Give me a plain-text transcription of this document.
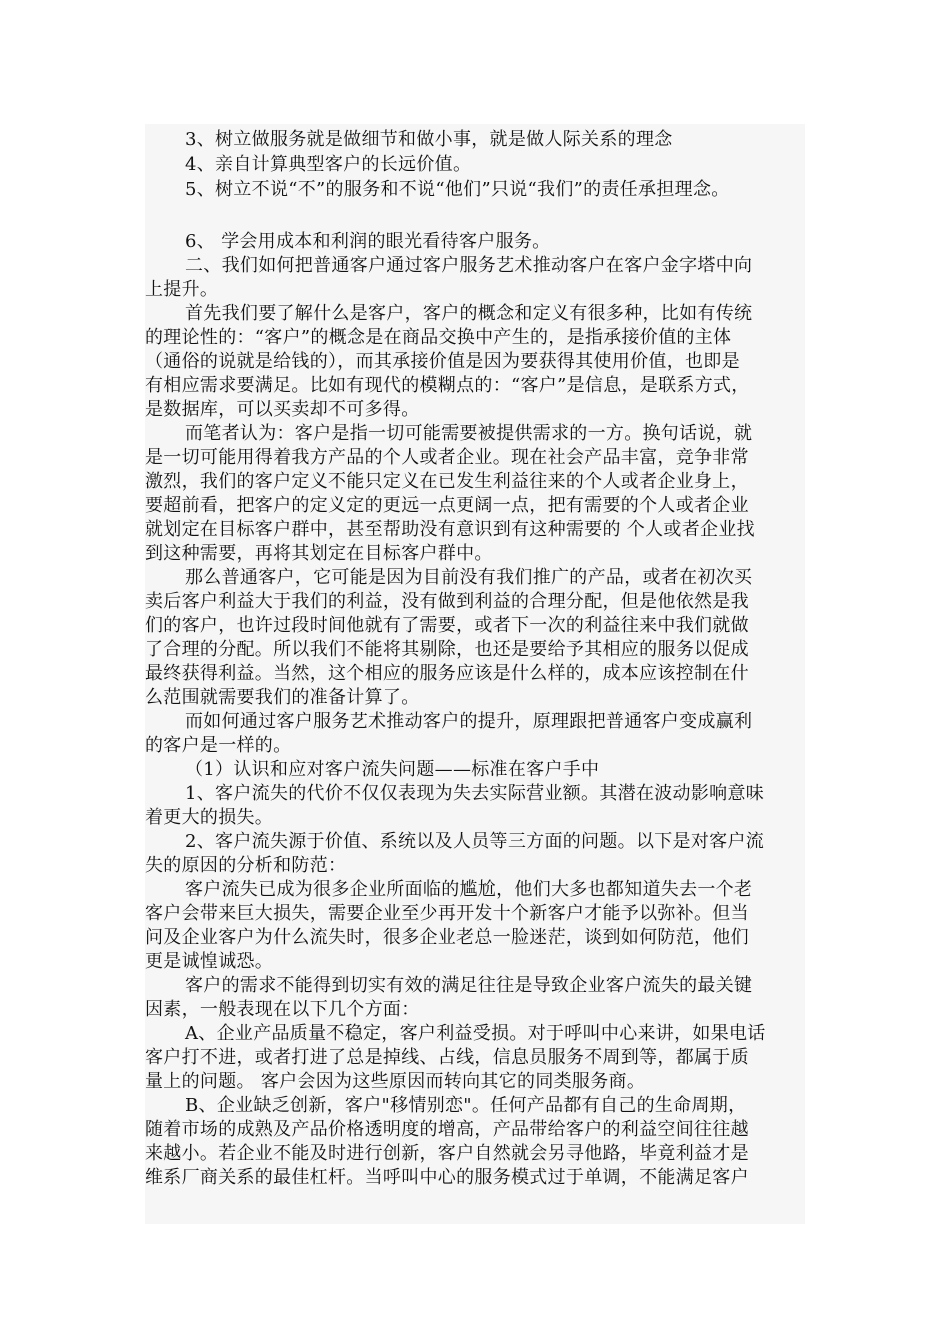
3、树立做服务就是做细节和做小事，就是做人际关系的理念
4、亲自计算典型客户的长远价值。
5、树立不说“不”的服务和不说“他们”只说“我们”的责任承担理念。
6、 学会用成本和利润的眼光看待客户服务。
二、我们如何把普通客户通过客户服务艺术推动客户在客户金字塔中向
上提升。
首先我们要了解什么是客户，客户的概念和定义有很多种，比如有传统
的理论性的：“客户”的概念是在商品交换中产生的，是指承接价值的主体
（通俗的说就是给钱的），而其承接价值是因为要获得其使用价值，也即是
有相应需求要满足。比如有现代的模糊点的：“客户”是信息，是联系方式，
是数据库，可以买卖却不可多得。
而笔者认为：客户是指一切可能需要被提供需求的一方。换句话说，就
是一切可能用得着我方产品的个人或者企业。现在社会产品丰富，竞争非常
激烈，我们的客户定义不能只定义在已发生利益往来的个人或者企业身上，
要超前看，把客户的定义定的更远一点更阔一点，把有需要的个人或者企业
就划定在目标客户群中，甚至帮助没有意识到有这种需要的 个人或者企业找
到这种需要，再将其划定在目标客户群中。
那么普通客户，它可能是因为目前没有我们推广的产品，或者在初次买
卖后客户利益大于我们的利益，没有做到利益的合理分配，但是他依然是我
们的客户，也许过段时间他就有了需要，或者下一次的利益往来中我们就做
了合理的分配。所以我们不能将其剔除，也还是要给予其相应的服务以促成
最终获得利益。当然，这个相应的服务应该是什么样的，成本应该控制在什
么范围就需要我们的准备计算了。
而如何通过客户服务艺术推动客户的提升，原理跟把普通客户变成赢利
的客户是一样的。
（1）认识和应对客户流失问题——标准在客户手中
1、客户流失的代价不仅仅表现为失去实际营业额。其潜在波动影响意味
着更大的损失。
2、客户流失源于价值、系统以及人员等三方面的问题。以下是对客户流
失的原因的分析和防范：
客户流失已成为很多企业所面临的尴尬，他们大多也都知道失去一个老
客户会带来巨大损失，需要企业至少再开发十个新客户才能予以弥补。但当
问及企业客户为什么流失时，很多企业老总一脸迷茫，谈到如何防范，他们
更是诚惶诚恐。
客户的需求不能得到切实有效的满足往往是导致企业客户流失的最关键
因素，一般表现在以下几个方面：
A、企业产品质量不稳定，客户利益受损。对于呼叫中心来讲，如果电话
客户打不进，或者打进了总是掉线、占线，信息员服务不周到等，都属于质
量上的问题。 客户会因为这些原因而转向其它的同类服务商。
B、企业缺乏创新，客户"移情别恋"。任何产品都有自己的生命周期，
随着市场的成熟及产品价格透明度的增高，产品带给客户的利益空间往往越
来越小。若企业不能及时进行创新，客户自然就会另寻他路，毕竟利益才是
维系厂商关系的最佳杠杆。当呼叫中心的服务模式过于单调，不能满足客户
